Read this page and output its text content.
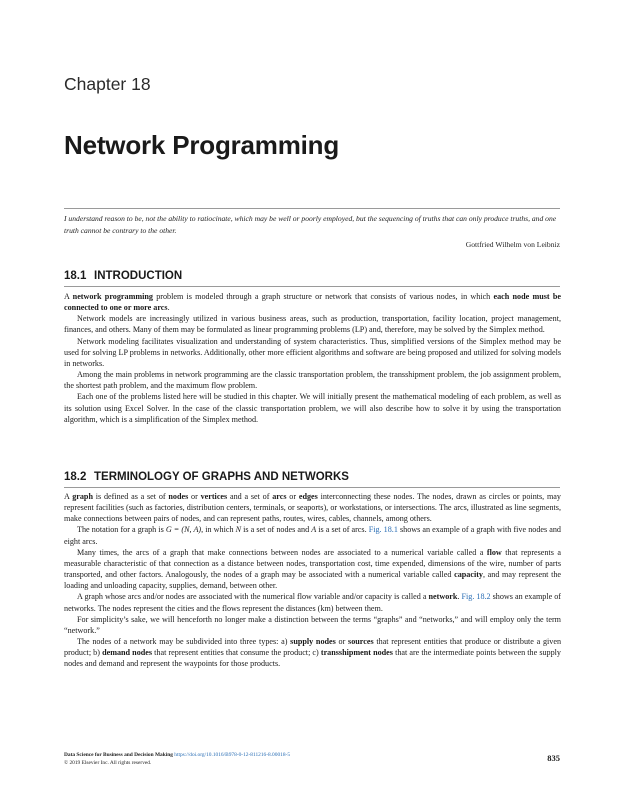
Chapter 18
Network Programming
I understand reason to be, not the ability to ratiocinate, which may be well or poorly employed, but the sequencing of truths that can only produce truths, and one truth cannot be contrary to the other.
Gottfried Wilhelm von Leibniz
18.1 INTRODUCTION

A network programming problem is modeled through a graph structure or network that consists of various nodes, in which each node must be connected to one or more arcs.

Network models are increasingly utilized in various business areas, such as production, transportation, facility location, project management, finances, and others. Many of them may be formulated as linear programming problems (LP) and, therefore, may be solved by the Simplex method.

Network modeling facilitates visualization and understanding of system characteristics. Thus, simplified versions of the Simplex method may be used for solving LP problems in networks. Additionally, other more efficient algorithms and software are being proposed and utilized for solving models in networks.

Among the main problems in network programming are the classic transportation problem, the transshipment problem, the job assignment problem, the shortest path problem, and the maximum flow problem.

Each one of the problems listed here will be studied in this chapter. We will initially present the mathematical modeling of each problem, as well as its solution using Excel Solver. In the case of the classic transportation problem, we will also describe how to solve it by using the transportation algorithm, which is a simplification of the Simplex method.

18.2 TERMINOLOGY OF GRAPHS AND NETWORKS

A graph is defined as a set of nodes or vertices and a set of arcs or edges interconnecting these nodes. The nodes, drawn as circles or points, may represent facilities (such as factories, distribution centers, terminals, or seaports), or workstations, or intersections. The arcs, illustrated as line segments, make connections between pairs of nodes, and can represent paths, routes, wires, cables, channels, among others.

The notation for a graph is G = (N, A), in which N is a set of nodes and A is a set of arcs. Fig. 18.1 shows an example of a graph with five nodes and eight arcs.

Many times, the arcs of a graph that make connections between nodes are associated to a numerical variable called a flow that represents a measurable characteristic of that connection as a distance between nodes, transportation cost, time expended, dimensions of the wire, number of parts transported, and other factors. Analogously, the nodes of a graph may be associated with a numerical variable called capacity, and may represent the loading and unloading capacity, supplies, demand, between other.

A graph whose arcs and/or nodes are associated with the numerical flow variable and/or capacity is called a network. Fig. 18.2 shows an example of networks. The nodes represent the cities and the flows represent the distances (km) between them.

For simplicity’s sake, we will henceforth no longer make a distinction between the terms “graphs” and “networks,” and will employ only the term “network.”

The nodes of a network may be subdivided into three types: a) supply nodes or sources that represent entities that produce or distribute a given product; b) demand nodes that represent entities that consume the product; c) transshipment nodes that are the intermediate points between the supply nodes and demand and represent the waypoints for those products.

Data Science for Business and Decision Making https://doi.org/10.1016/B978-0-12-811216-8.00018-5
© 2019 Elsevier Inc. All rights reserved.	835
